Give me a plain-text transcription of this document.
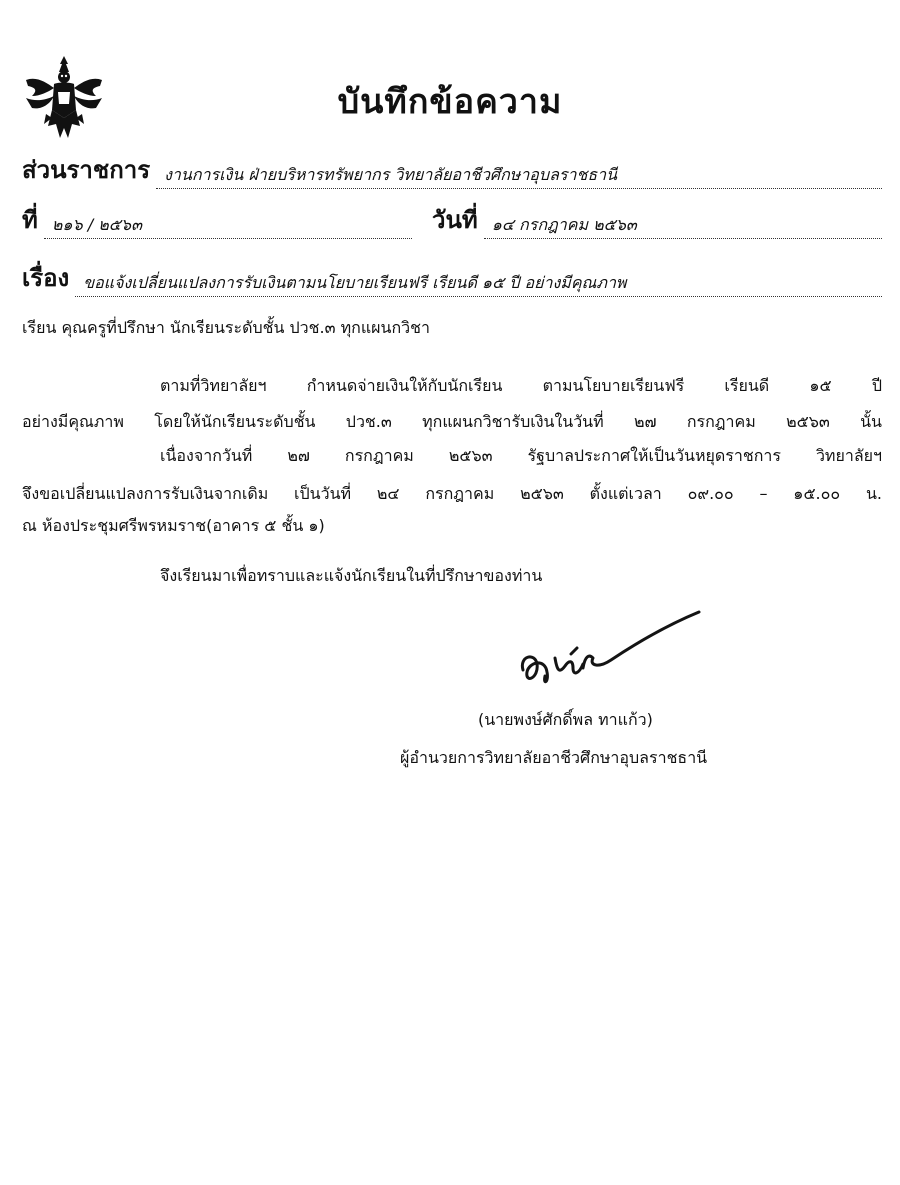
บันทึกข้อความ
ส่วนราชการ งานการเงิน ฝ่ายบริหารทรัพยากร วิทยาลัยอาชีวศึกษาอุบลราชธานี
ที่ ๒๑๖ / ๒๕๖๓	วันที่ ๑๔ กรกฎาคม ๒๕๖๓
เรื่อง ขอแจ้งเปลี่ยนแปลงการรับเงินตามนโยบายเรียนฟรี เรียนดี ๑๕ ปี อย่างมีคุณภาพ
เรียน คุณครูที่ปรึกษา นักเรียนระดับชั้น ปวช.๓ ทุกแผนกวิชา
ตามที่วิทยาลัยฯ กำหนดจ่ายเงินให้กับนักเรียน ตามนโยบายเรียนฟรี เรียนดี ๑๕ ปี
อย่างมีคุณภาพ โดยให้นักเรียนระดับชั้น ปวช.๓ ทุกแผนกวิชารับเงินในวันที่ ๒๗ กรกฎาคม ๒๕๖๓ นั้น
เนื่องจากวันที่ ๒๗ กรกฎาคม ๒๕๖๓ รัฐบาลประกาศให้เป็นวันหยุดราชการ วิทยาลัยฯ
จึงขอเปลี่ยนแปลงการรับเงินจากเดิม เป็นวันที่ ๒๔ กรกฎาคม ๒๕๖๓ ตั้งแต่เวลา ๐๙.๐๐ – ๑๕.๐๐ น.
ณ ห้องประชุมศรีพรหมราช(อาคาร ๕ ชั้น ๑)
จึงเรียนมาเพื่อทราบและแจ้งนักเรียนในที่ปรึกษาของท่าน
(นายพงษ์ศักดิ์พล ทาแก้ว)
ผู้อำนวยการวิทยาลัยอาชีวศึกษาอุบลราชธานี
